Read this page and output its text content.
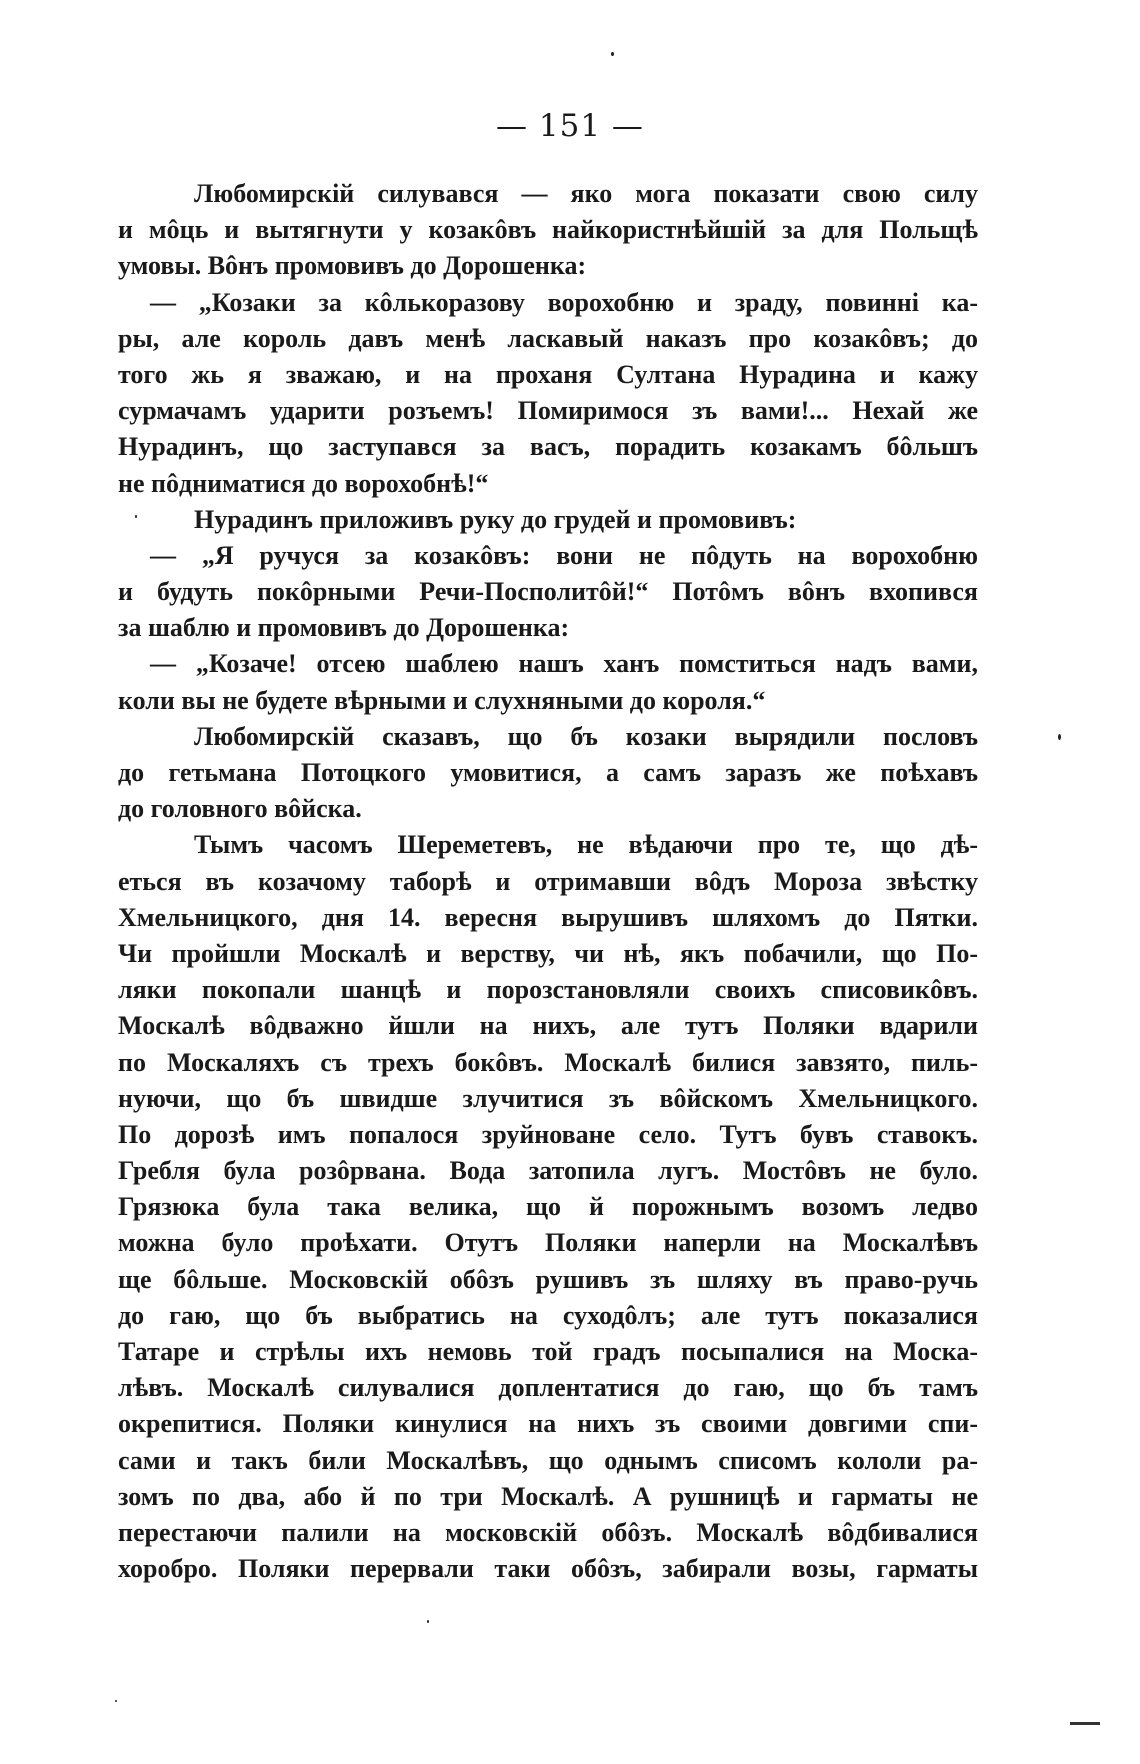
— 151 —
Любомирскій силувався — яко мога показати свою силу
и мôць и вытягнути у козакôвъ найкористнѣйшій за для Польщѣ
умовы. Вôнъ промовивъ до Дорошенка:
— „Козаки за кôлькоразову ворохобню и зраду, повинні ка-
ры, але король давъ менѣ ласкавый наказъ про козакôвъ; до
того жь я зважаю, и на проханя Султана Нурадина и кажу
сурмачамъ ударити розъемъ! Помиримося зъ вами!... Нехай же
Нурадинъ, що заступався за васъ, порадить козакамъ бôльшъ
не пôдниматися до ворохобнѣ!“
Нурадинъ приложивъ руку до грудей и промовивъ:
— „Я ручуся за козакôвъ: вони не пôдуть на ворохобню
и будуть покôрными Речи-Посполитôй!“ Потôмъ вôнъ вхопився
за шаблю и промовивъ до Дорошенка:
— „Козаче! отсею шаблею нашъ ханъ помститься надъ вами,
коли вы не будете вѣрными и слухняными до короля.“
Любомирскій сказавъ, що бъ козаки вырядили пословъ
до гетьмана Потоцкого умовитися, а самъ заразъ же поѣхавъ
до головного вôйска.
Тымъ часомъ Шереметевъ, не вѣдаючи про те, що дѣ-
еться въ козачому таборѣ и отримавши вôдъ Мороза звѣстку
Хмельницкого, дня 14. вересня вырушивъ шляхомъ до Пятки.
Чи пройшли Москалѣ и верству, чи нѣ, якъ побачили, що По-
ляки покопали шанцѣ и порозстановляли своихъ списовикôвъ.
Москалѣ вôдважно йшли на нихъ, але тутъ Поляки вдарили
по Москаляхъ съ трехъ бокôвъ. Москалѣ билися завзято, пиль-
нуючи, що бъ швидше злучитися зъ вôйскомъ Хмельницкого.
По дорозѣ имъ попалося зруйноване село. Тутъ бувъ ставокъ.
Гребля була розôрвана. Вода затопила лугъ. Мостôвъ не було.
Грязюка була така велика, що й порожнымъ возомъ ледво
можна було проѣхати. Отутъ Поляки наперли на Москалѣвъ
ще бôльше. Московскій обôзъ рушивъ зъ шляху въ право-ручь
до гаю, що бъ выбратись на суходôлъ; але тутъ показалися
Татаре и стрѣлы ихъ немовь той градъ посыпалися на Моска-
лѣвъ. Москалѣ силувалися доплентатися до гаю, що бъ тамъ
окрепитися. Поляки кинулися на нихъ зъ своими довгими спи-
сами и такъ били Москалѣвъ, що однымъ списомъ кололи ра-
зомъ по два, або й по три Москалѣ. А рушницѣ и гарматы не
перестаючи палили на московскій обôзъ. Москалѣ вôдбивалися
хоробро. Поляки перервали таки обôзъ, забирали возы, гарматы
